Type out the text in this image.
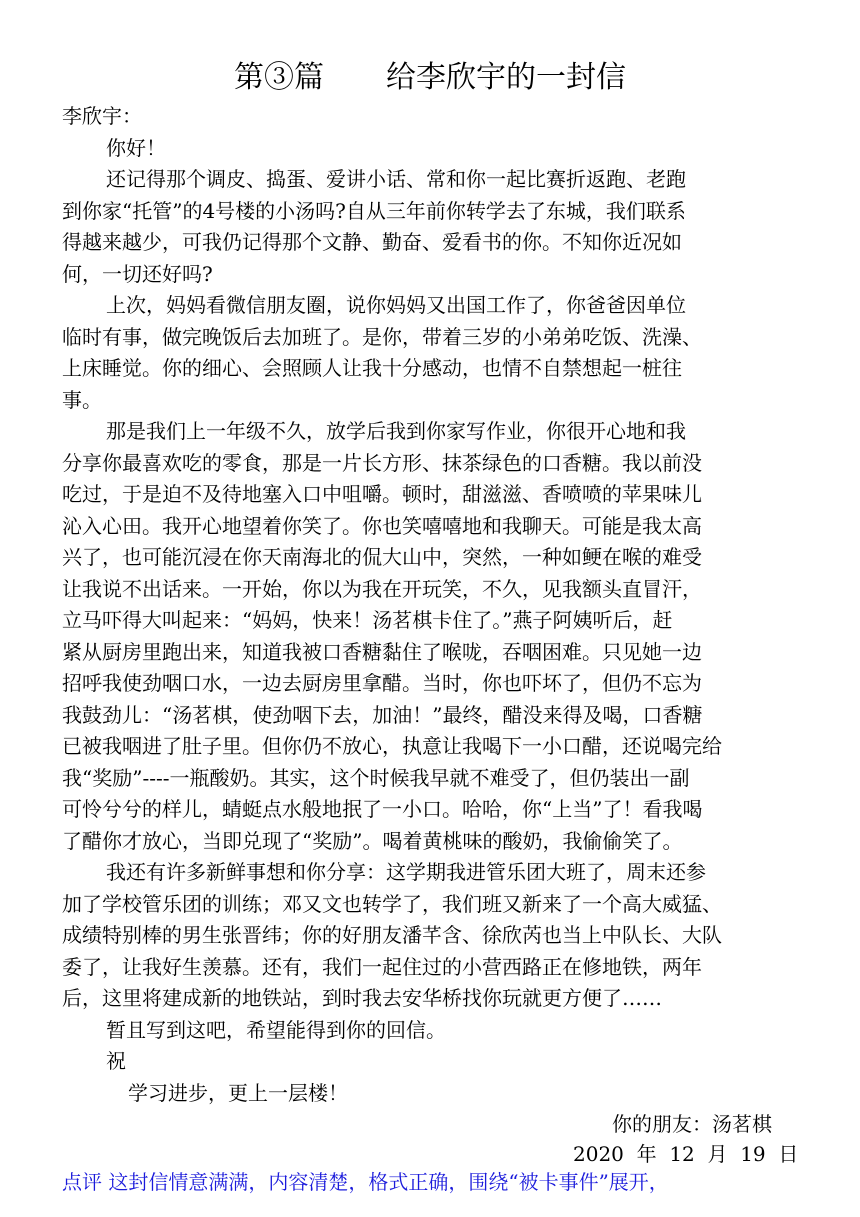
第③篇 给李欣宇的一封信
李欣宇：
你好！
还记得那个调皮、捣蛋、爱讲小话、常和你一起比赛折返跑、老跑
到你家“托管”的4号楼的小汤吗?自从三年前你转学去了东城，我们联系
得越来越少，可我仍记得那个文静、勤奋、爱看书的你。不知你近况如
何，一切还好吗?
上次，妈妈看微信朋友圈，说你妈妈又出国工作了，你爸爸因单位
临时有事，做完晚饭后去加班了。是你，带着三岁的小弟弟吃饭、洗澡、
上床睡觉。你的细心、会照顾人让我十分感动，也情不自禁想起一桩往
事。
那是我们上一年级不久，放学后我到你家写作业，你很开心地和我
分享你最喜欢吃的零食，那是一片长方形、抹茶绿色的口香糖。我以前没
吃过，于是迫不及待地塞入口中咀嚼。顿时，甜滋滋、香喷喷的苹果味儿
沁入心田。我开心地望着你笑了。你也笑嘻嘻地和我聊天。可能是我太高
兴了，也可能沉浸在你天南海北的侃大山中，突然，一种如鲠在喉的难受
让我说不出话来。一开始，你以为我在开玩笑，不久，见我额头直冒汗，
立马吓得大叫起来：“妈妈，快来！汤茗棋卡住了。”燕子阿姨听后，赶
紧从厨房里跑出来，知道我被口香糖黏住了喉咙，吞咽困难。只见她一边
招呼我使劲咽口水，一边去厨房里拿醋。当时，你也吓坏了，但仍不忘为
我鼓劲儿：“汤茗棋，使劲咽下去，加油！”最终，醋没来得及喝，口香糖
已被我咽进了肚子里。但你仍不放心，执意让我喝下一小口醋，还说喝完给
我“奖励”----一瓶酸奶。其实，这个时候我早就不难受了，但仍装出一副
可怜兮兮的样儿，蜻蜓点水般地抿了一小口。哈哈，你“上当”了！看我喝
了醋你才放心，当即兑现了“奖励”。喝着黄桃味的酸奶，我偷偷笑了。
我还有许多新鲜事想和你分享：这学期我进管乐团大班了，周末还参
加了学校管乐团的训练；邓又文也转学了，我们班又新来了一个高大威猛、
成绩特别棒的男生张晋纬；你的好朋友潘芊含、徐欣芮也当上中队长、大队
委了，让我好生羡慕。还有，我们一起住过的小营西路正在修地铁，两年
后，这里将建成新的地铁站，到时我去安华桥找你玩就更方便了……
暂且写到这吧，希望能得到你的回信。
祝
学习进步，更上一层楼！
你的朋友：汤茗棋
2020  年  12  月  19  日
点评 这封信情意满满，内容清楚，格式正确，围绕“被卡事件”展开，
